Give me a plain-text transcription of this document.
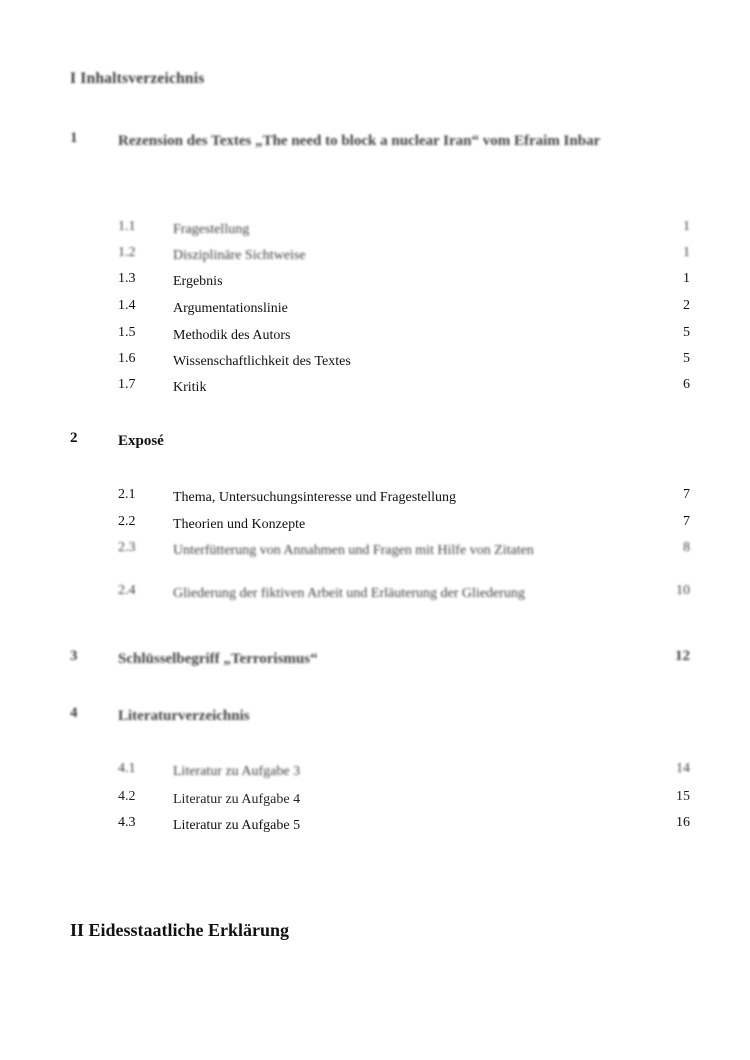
I Inhaltsverzeichnis
1	Rezension des Textes „The need to block a nuclear Iran“ vom Efraim Inbar
1.1	Fragestellung	1
1.2	Disziplinäre Sichtweise	1
1.3	Ergebnis	1
1.4	Argumentationslinie	2
1.5	Methodik des Autors	5
1.6	Wissenschaftlichkeit des Textes	5
1.7	Kritik	6
2	Exposé
2.1	Thema, Untersuchungsinteresse und Fragestellung	7
2.2	Theorien und Konzepte	7
2.3	Unterfütterung von Annahmen und Fragen mit Hilfe von Zitaten	8
2.4	Gliederung der fiktiven Arbeit und Erläuterung der Gliederung	10
3	Schlüsselbegriff „Terrorismus“	12
4	Literaturverzeichnis
4.1	Literatur zu Aufgabe 3	14
4.2	Literatur zu Aufgabe 4	15
4.3	Literatur zu Aufgabe 5	16
II Eidesstaatliche Erklärung
